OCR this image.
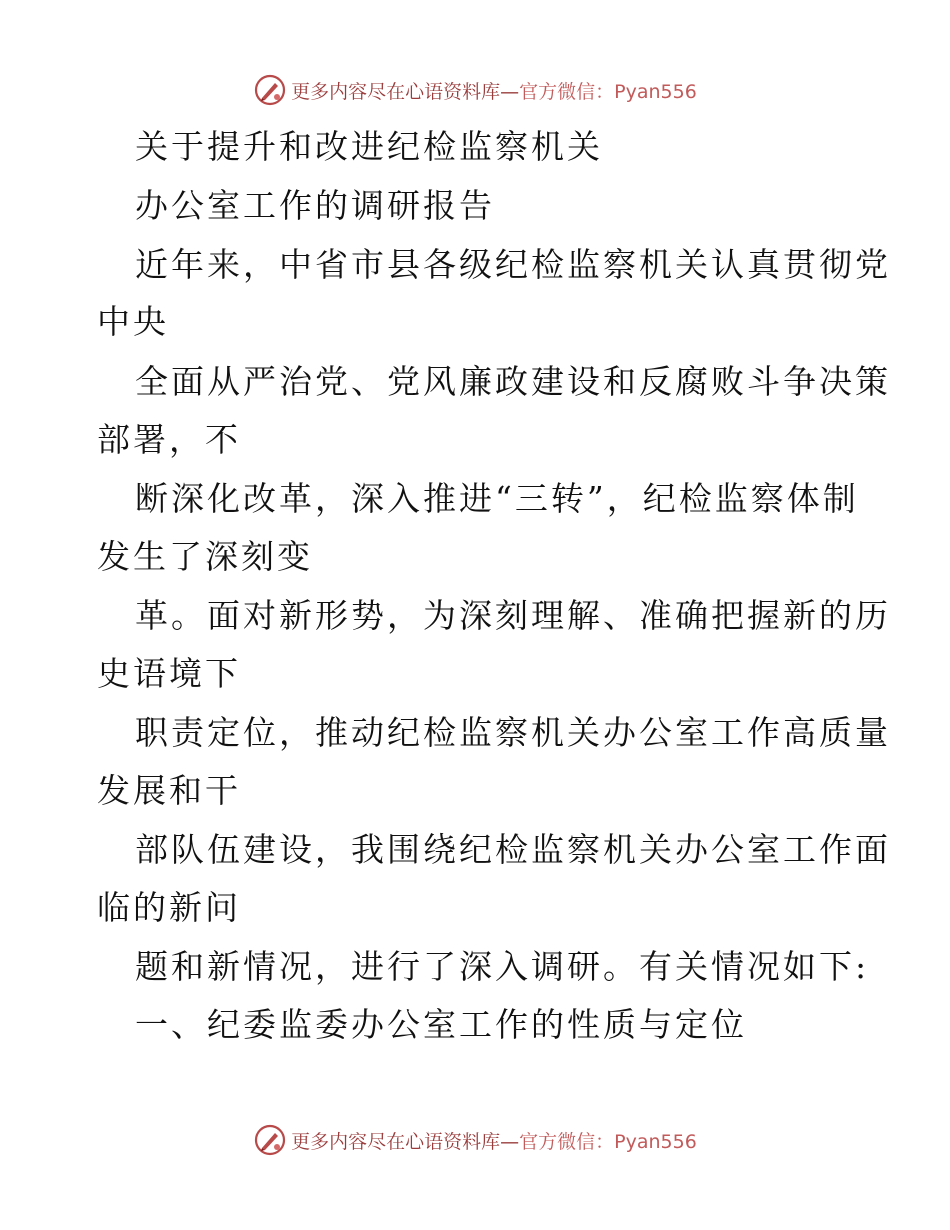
更多内容尽在心语资料库—官方微信：Pyan556
关于提升和改进纪检监察机关
办公室工作的调研报告
近年来，中省市县各级纪检监察机关认真贯彻党
中央
全面从严治党、党风廉政建设和反腐败斗争决策
部署，不
断深化改革，深入推进“三转”，纪检监察体制
发生了深刻变
革。面对新形势，为深刻理解、准确把握新的历
史语境下
职责定位，推动纪检监察机关办公室工作高质量
发展和干
部队伍建设，我围绕纪检监察机关办公室工作面
临的新问
题和新情况，进行了深入调研。有关情况如下:
一、纪委监委办公室工作的性质与定位
更多内容尽在心语资料库—官方微信：Pyan556
